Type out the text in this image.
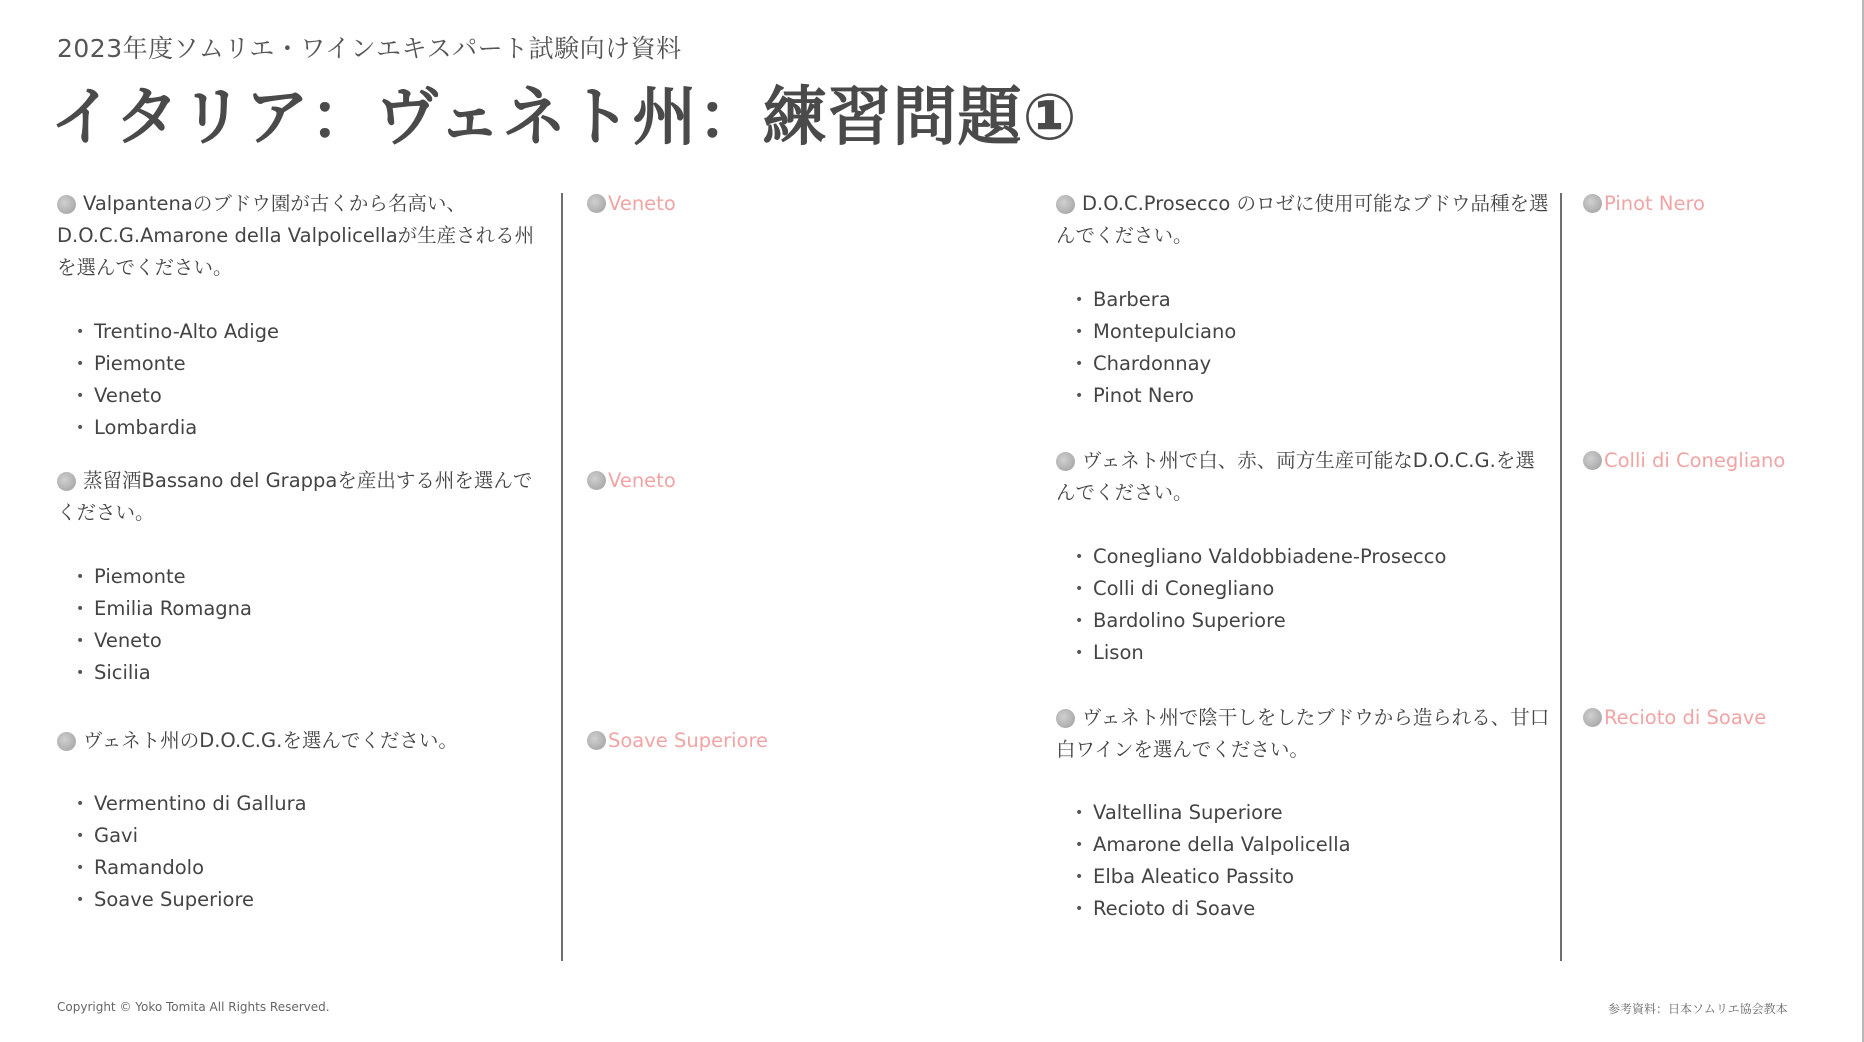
2023年度ソムリエ・ワインエキスパート試験向け資料
イタリア：ヴェネト州：練習問題①
Valpantenaのブドウ園が古くから名高い、D.O.C.G.Amarone della Valpolicellaが生産される州を選んでください。
• Trentino-Alto Adige
• Piemonte
• Veneto
• Lombardia
Veneto
蒸留酒Bassano del Grappaを産出する州を選んでください。
• Piemonte
• Emilia Romagna
• Veneto
• Sicilia
Veneto
ヴェネト州のD.O.C.G.を選んでください。
• Vermentino di Gallura
• Gavi
• Ramandolo
• Soave Superiore
Soave Superiore
D.O.C.Prosecco のロゼに使用可能なブドウ品種を選んでください。
• Barbera
• Montepulciano
• Chardonnay
• Pinot Nero
Pinot Nero
ヴェネト州で白、赤、両方生産可能なD.O.C.G.を選んでください。
• Conegliano Valdobbiadene-Prosecco
• Colli di Conegliano
• Bardolino Superiore
• Lison
Colli di Conegliano
ヴェネト州で陰干しをしたブドウから造られる、甘口白ワインを選んでください。
• Valtellina Superiore
• Amarone della Valpolicella
• Elba Aleatico Passito
• Recioto di Soave
Recioto di Soave
Copyright © Yoko Tomita All Rights Reserved.	参考資料：日本ソムリエ協会教本
